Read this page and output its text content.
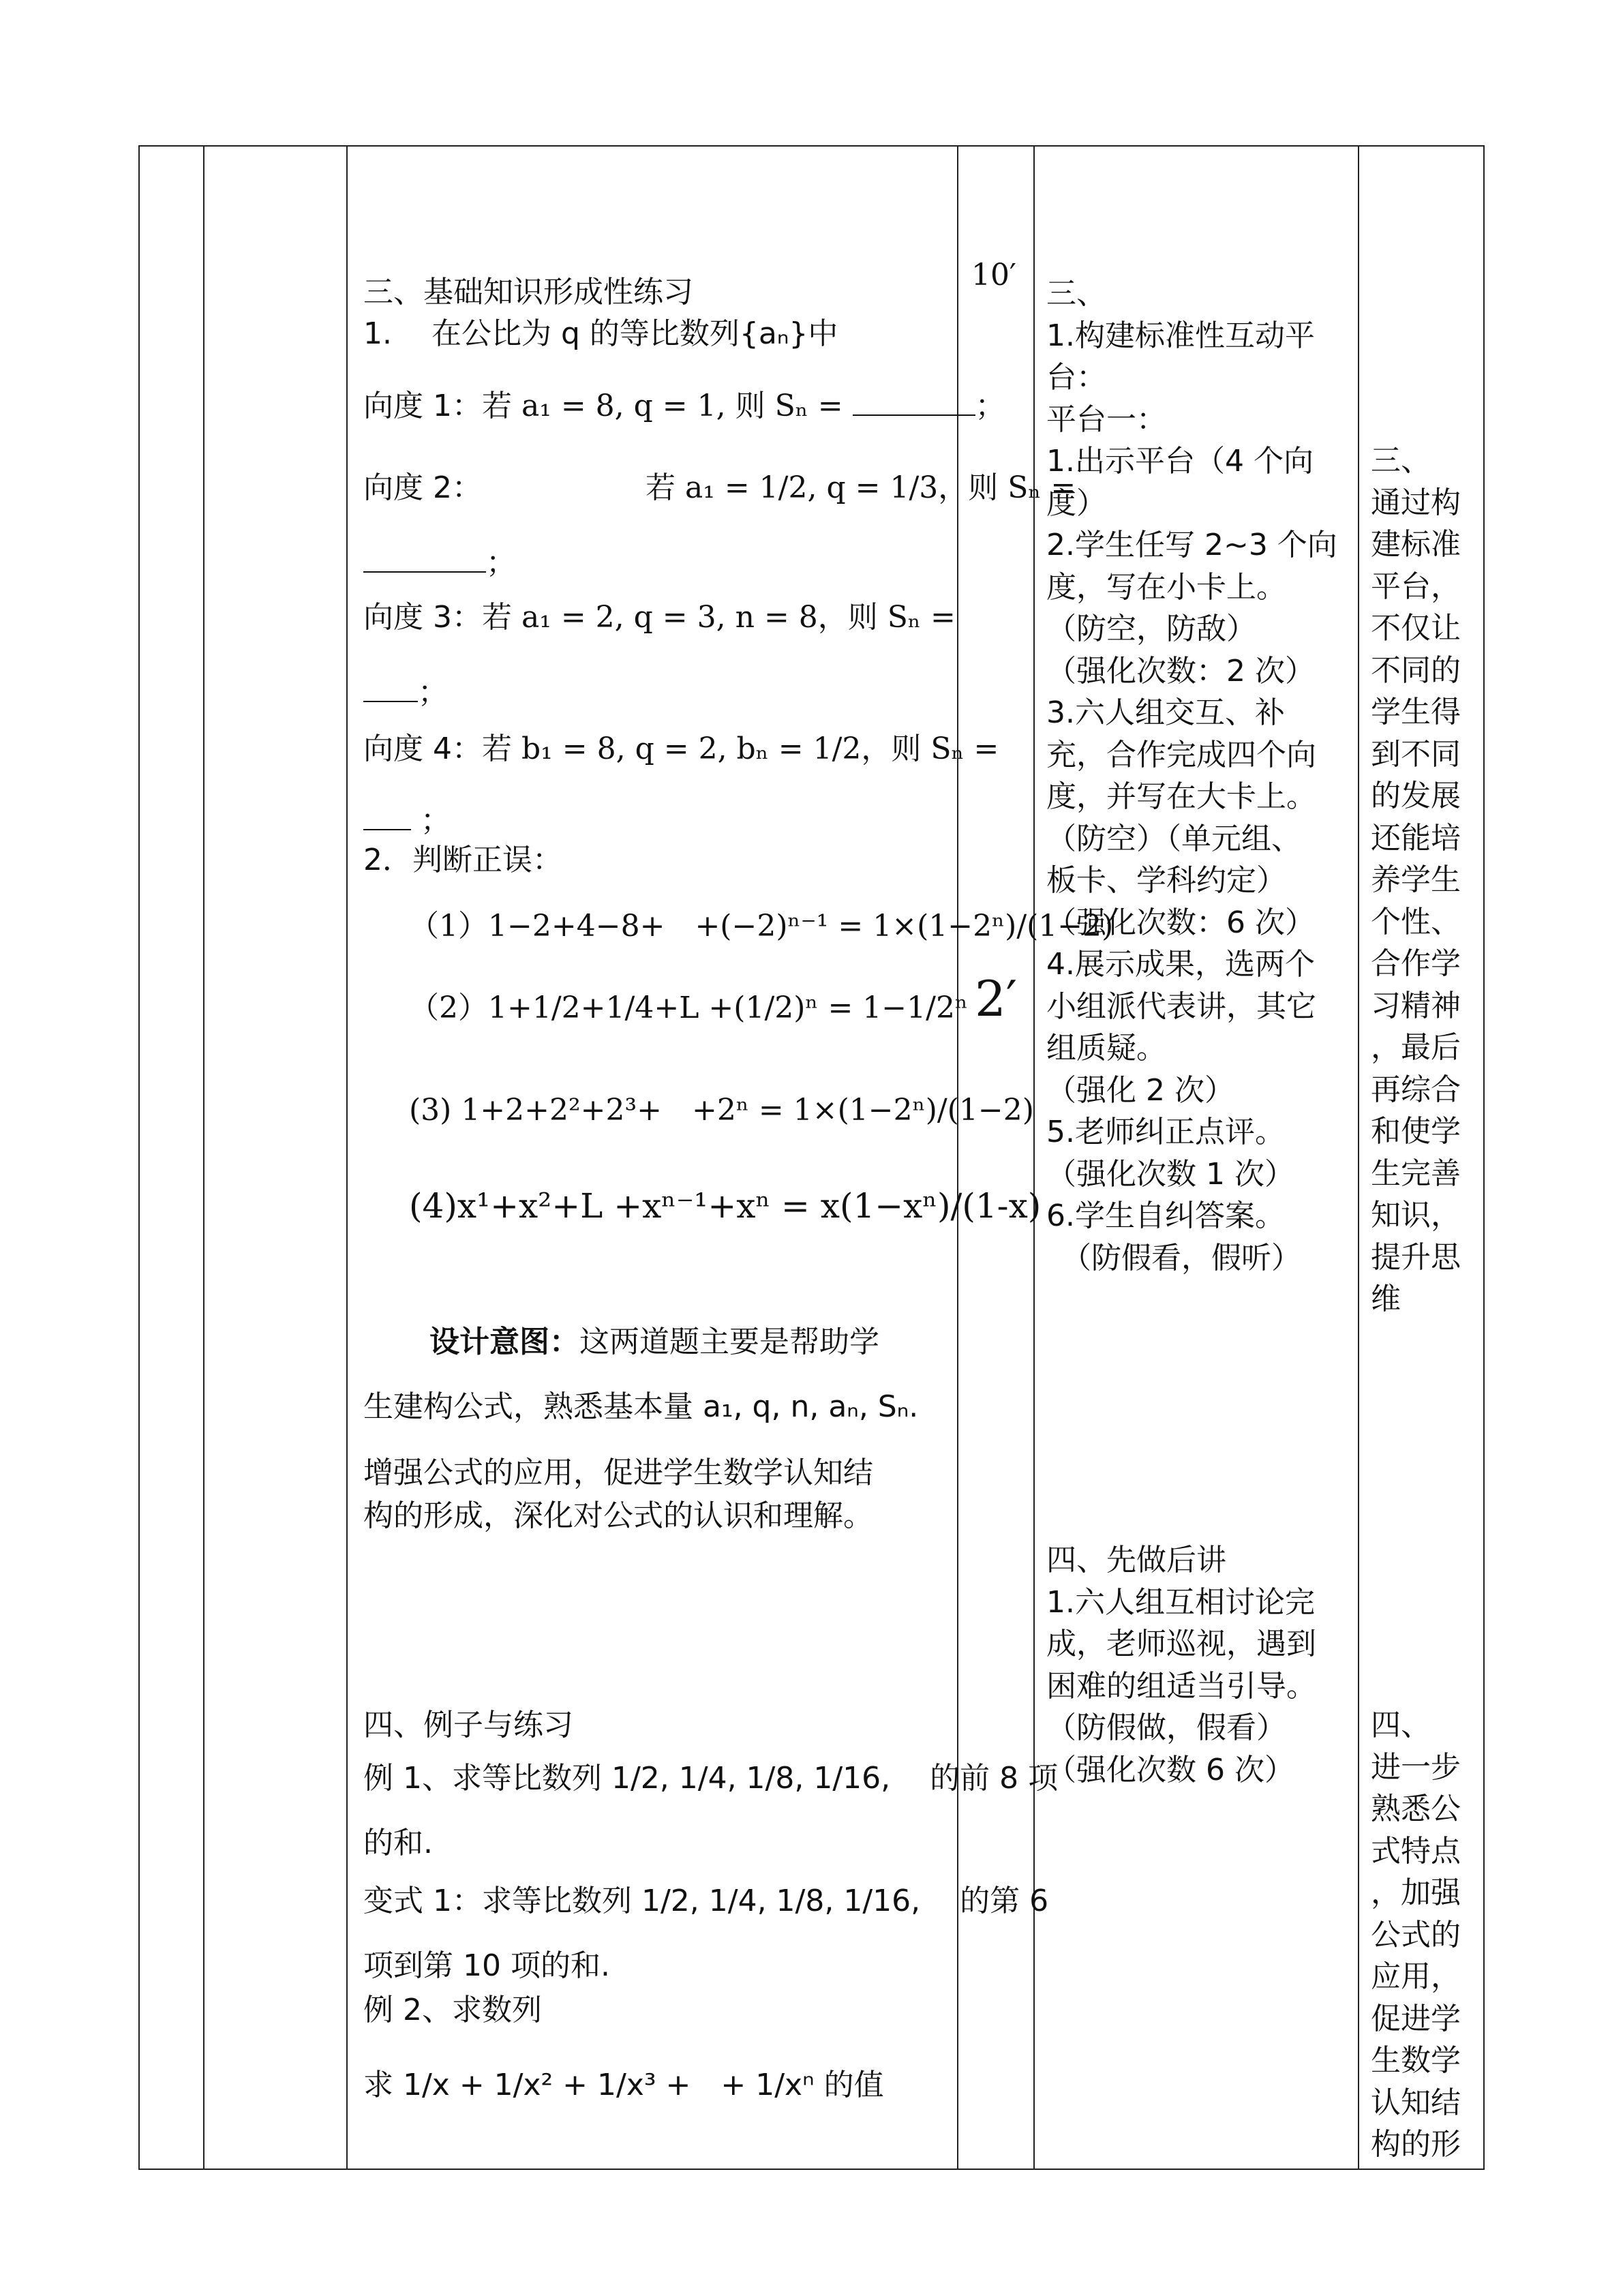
三、基础知识形成性练习
1.　 在公比为 q 的等比数列{aₙ}中
向度 1：若 a₁ = 8, q = 1, 则 Sₙ =	；
向度 2：	若 a₁ = 1/2, q = 1/3，则 Sₙ =
；
向度 3：若 a₁ = 2, q = 3, n = 8，则 Sₙ =
；
向度 4：若 b₁ = 8, q = 2, bₙ = 1/2，则 Sₙ =
；
2．判断正误：
（1）1−2+4−8+　+(−2)ⁿ⁻¹ = 1×(1−2ⁿ)/(1−2)
（2）1+1/2+1/4+L +(1/2)ⁿ = 1−1/2ⁿ
(3) 1+2+2²+2³+　+2ⁿ = 1×(1−2ⁿ)/(1−2)
(4)x¹+x²+L +xⁿ⁻¹+xⁿ = x(1−xⁿ)/(1-x)
设计意图：这两道题主要是帮助学
生建构公式，熟悉基本量 a₁, q, n, aₙ, Sₙ.
增强公式的应用，促进学生数学认知结
构的形成，深化对公式的认识和理解。
四、例子与练习
例 1、求等比数列 1/2, 1/4, 1/8, 1/16,　 的前 8 项
的和.
变式 1：求等比数列 1/2, 1/4, 1/8, 1/16,　 的第 6
项到第 10 项的和.
例 2、求数列
求 1/x + 1/x² + 1/x³ +　+ 1/xⁿ 的值
10′
2′
三、
1.构建标准性互动平
台：
平台一：
1.出示平台（4 个向
度）
2.学生任写 2~3 个向
度，写在小卡上。
（防空，防敌）
（强化次数：2 次）
3.六人组交互、补
充，合作完成四个向
度，并写在大卡上。
（防空）（单元组、
板卡、学科约定）
（强化次数：6 次）
4.展示成果，选两个
小组派代表讲，其它
组质疑。
（强化 2 次）
5.老师纠正点评。
（强化次数 1 次）
6.学生自纠答案。
　（防假看，假听）
四、先做后讲
1.六人组互相讨论完
成，老师巡视，遇到
困难的组适当引导。
（防假做，假看）
（强化次数 6 次）
三、
通过构
建标准
平台，
不仅让
不同的
学生得
到不同
的发展
还能培
养学生
个性、
合作学
习精神
，最后
再综合
和使学
生完善
知识，
提升思
维
四、
进一步
熟悉公
式特点
，加强
公式的
应用，
促进学
生数学
认知结
构的形
